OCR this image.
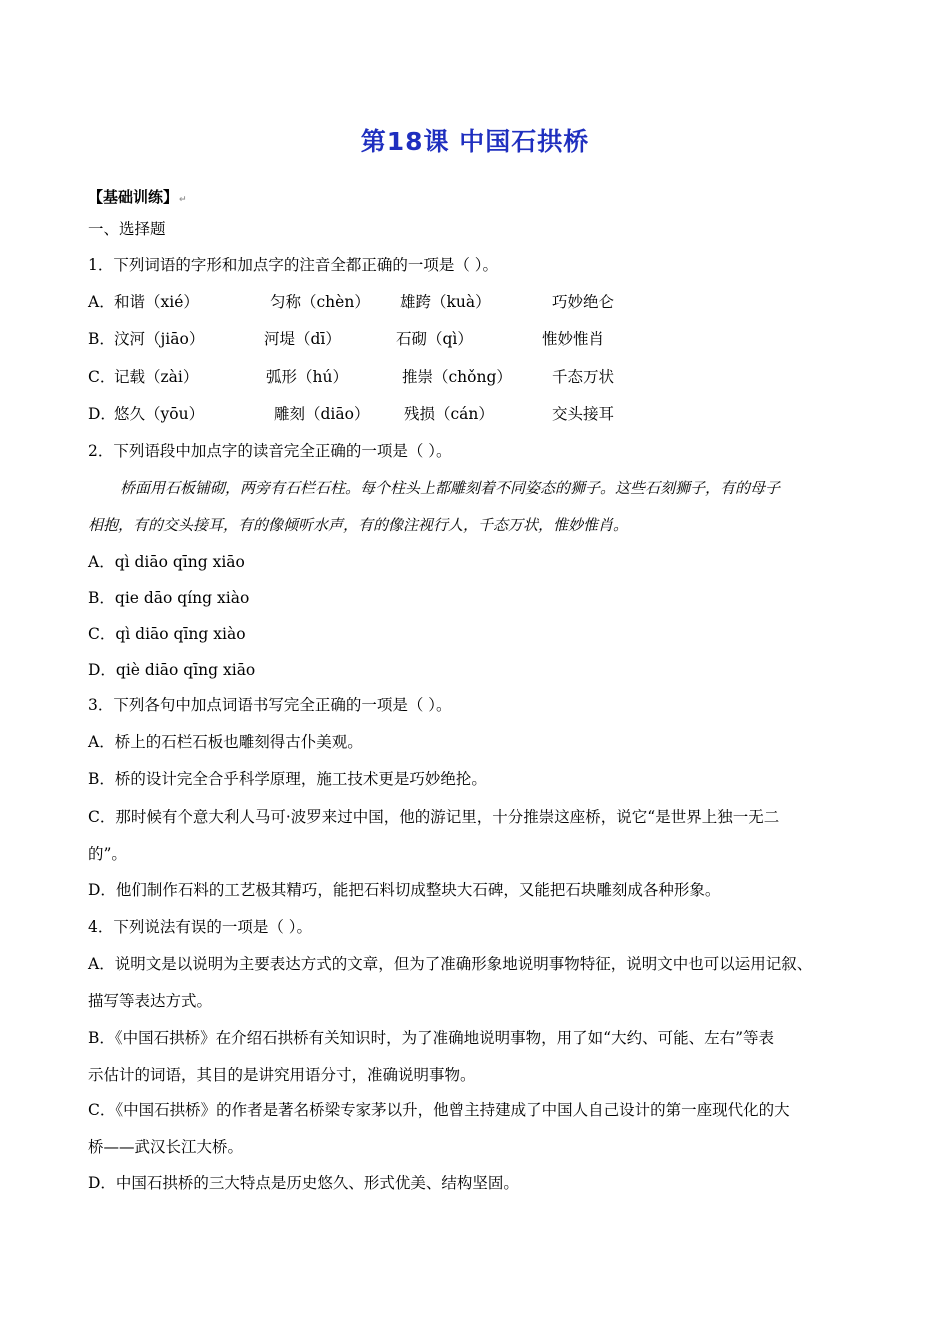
第18课 中国石拱桥
【基础训练】↵
一、选择题
1．下列词语的字形和加点字的注音全都正确的一项是（ ）。
A． 和谐（xié）	匀称（chèn） 雄跨（kuà）	巧妙绝仑
B． 汶河（jiāo）	河堤（dī）	石砌（qì）	惟妙惟肖
C．
记载（zài）	弧形（hú）	推崇（chǒng）	千态万状
D．
悠久（yōu）	雕刻（diāo） 残损（cán）	交头接耳
2．下列语段中加点字的读音完全正确的一项是（ ）。
桥面用石板铺砌，两旁有石栏石柱。每个柱头上都雕刻着不同姿态的狮子。这些石刻狮子，有的母子
相抱，有的交头接耳，有的像倾听水声，有的像注视行人，千态万状，惟妙惟肖。
A．qì diāo qīng xiāo
B．qie dāo qíng xiào
C．qì diāo qīng xiào
D．qiè diāo qīng xiāo
3．下列各句中加点词语书写完全正确的一项是（ ）。
A．桥上的石栏石板也雕刻得古仆美观。
B．桥的设计完全合乎科学原理，施工技术更是巧妙绝抡。
C．那时候有个意大利人马可·波罗来过中国，他的游记里，十分推崇这座桥，说它“是世界上独一无二
的”。
D．他们制作石料的工艺极其精巧，能把石料切成整块大石碑，又能把石块雕刻成各种形象。
4．下列说法有误的一项是（ ）。
A．说明文是以说明为主要表达方式的文章，但为了准确形象地说明事物特征，说明文中也可以运用记叙、
描写等表达方式。
B．《中国石拱桥》在介绍石拱桥有关知识时，为了准确地说明事物，用了如“大约、可能、左右”等表
示估计的词语，其目的是讲究用语分寸，准确说明事物。
C．《中国石拱桥》的作者是著名桥梁专家茅以升，他曾主持建成了中国人自己设计的第一座现代化的大
桥——武汉长江大桥。
D．中国石拱桥的三大特点是历史悠久、形式优美、结构坚固。
